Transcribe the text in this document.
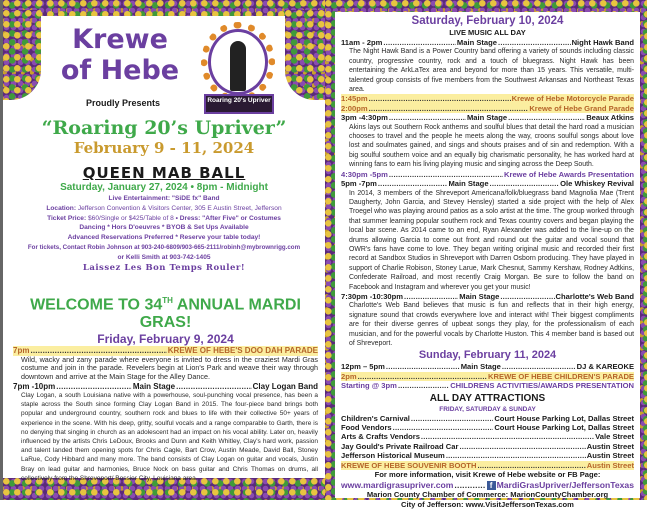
Krewe
of Hebe
Roaring 20's Upriver
Proudly Presents
“Roaring 20’s Upriver”
February 9 - 11, 2024
QUEEN MAB BALL
Saturday, January 27, 2024 • 8pm - Midnight
Live Entertainment: "SiDE fx" Band
Location: Jefferson Convention & Visitors Center, 305 E Austin Street, Jefferson
Ticket Price: $60/Single or $425/Table of 8 • Dress: "After Five" or Costumes
Dancing * Hors D'oeuvres * BYOB & Set Ups Available
Advanced Reservations Preferred * Reserve your table today!
For tickets, Contact Robin Johnson at 903-240-6809/903-665-2111/robinh@mybrownrigg.com
or Kelli Smith at 903-742-1405
Laissez Les Bon Temps Rouler!
WELCOME TO 34TH ANNUAL MARDI GRAS!
Friday, February 9, 2024
7pm .....	KREWE OF HEBE'S DOO DAH PARADE
Wild, wacky and zany parade where everyone is invited to dress in the craziest Mardi Gras costume and join in the parade. Revelers begin at Lion's Park and weave their way through downtown and arrive at the Main Stage for the Alley Dance.
7pm -10pm .....	Main Stage .....	Clay Logan Band
Clay Logan, a south Louisiana native with a powerhouse, soul-punching vocal presence, has been a staple across the South since forming Clay Logan Band in 2015. The four-piece band brings both popular and underground country, southern rock and blues to life with their collective 50+ years of experience in the scene. With his deep, gritty, soulful vocals and a range comparable to Garth, there is no denying that singing in church as an adolescent had an impact on his vocal ability. Later on, heavily influenced by the artists Chris LeDoux, Brooks and Dunn and Keith Whitley, Clay's hard work, passion and talent landed them opening spots for Chris Cagle, Bart Crow, Austin Meade, David Ball, Stoney LaRue, Cody Hibbard and many more. The band consists of Clay Logan on guitar and vocals, Justin Bray on lead guitar and harmonies, Bruce Nock on bass guitar and Chris Thomas on drums, all collectively from the Shreveport/ Bossier City, Louisiana area.
Saturday, February 10, 2024
LIVE MUSIC ALL DAY
11am - 2pm .....	Main Stage .....	Night Hawk Band
The Night Hawk Band is a Power Country band offering a variety of sounds including classic country, progressive country, rock and a touch of bluegrass. Night Hawk has been entertaining the ArkLaTex area and beyond for more than 15 years. This versatile, multi-talented group consists of five members from the Southwest Arkansas and Northeast Texas area.
1:45pm .....	Krewe of Hebe Motorcycle Parade
2:00pm .....	Krewe of Hebe Grand Parade
3pm -4:30pm .....	Main Stage .....	Beaux Atkins
Akins lays out Southern Rock anthems and soulful blues that detail the hard road a musician chooses to travel and the people he meets along the way, croons soulful songs about love lost and soulmates gained, and sings and shouts praises and of sin and redemption. With a big soulful southern voice and an equally big charismatic personality, he has worked hard at winning fans to earn his living playing music and singing across the Deep South.
4:30pm -5pm .....	Krewe of Hebe Awards Presentation
5pm -7pm .....	Main Stage .....	Ole Whiskey Revival
In 2014, 3 members of the Shreveport Americana/folk/bluegrass band Magnolia Mae (Trent Daugherty, John Garcia, and Stevey Hensley) started a side project with the help of Alex Troegel who was playing around patios as a solo artist at the time. The group worked through that summer learning popular southern rock and Texas country covers and began playing the local bar scene. As 2014 came to an end, Ryan Alexander was added to the line-up on the drums allowing Garcia to come out front and round out the guitar and vocal sound that OWR's fans have come to love. They began writing original music and recorded their first record at Sandbox Studios in Shreveport with Darren Osborn producing. They have played in support of Charlie Robison, Stoney Larue, Mark Chesnut, Sammy Kershaw, Rodney Adtkins, Confederate Railroad, and most recently Craig Morgan. Be sure to follow the band on Facebook and Instagram and wherever you get your music!
7:30pm -10:30pm .....	Main Stage .....	Charlotte's Web Band
Charlotte's Web Band believes that music is fun and reflects that in their high energy, signature sound that crowds everywhere love and interact with! Their biggest compliments are for their diverse genres of upbeat songs they play, for the professionalism of each musician, and for the powerful vocals by Charlotte Huston. This 4 member band is based out of Shreveport.
Sunday, February 11, 2024
12pm – 5pm .....	Main Stage .....	DJ & KAREOKE
2pm .....	KREWE OF HEBE CHILDREN'S PARADE
Starting @ 3pm .....	CHILDRENS ACTIVITIES/AWARDS PRESENTATION
ALL DAY ATTRACTIONS
FRIDAY, SATURDAY & SUNDAY
Children's Carnival .....	Court House Parking Lot, Dallas Street
Food Vendors .....	Court House Parking Lot, Dallas Street
Arts & Crafts Vendors .....	Vale Street
Jay Gould's Private Railroad Car .....	Austin Street
Jefferson Historical Museum .....	Austin Street
KREWE OF HEBE SOUVENIR BOOTH .....	Austin Street
For more information, visit Krewe of Hebe website or FB Page:
www.mardigrasupriver.com .....	f MardiGrasUpriver/JeffersonTexas
Marion County Chamber of Commerce: MarionCountyChamber.org
City of Jefferson: www.VisitJeffersonTexas.com
